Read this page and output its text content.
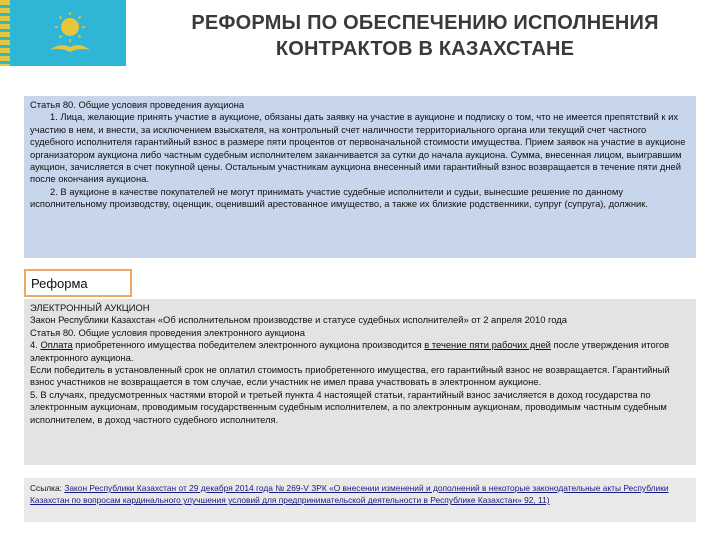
РЕФОРМЫ ПО ОБЕСПЕЧЕНИЮ ИСПОЛНЕНИЯ
КОНТРАКТОВ В КАЗАХСТАНЕ

Статья 80. Общие условия проведения аукциона

1. Лица, желающие принять участие в аукционе, обязаны дать заявку на участие в аукционе и подписку о том, что не имеется препятствий к их участию в нем, и внести, за исключением взыскателя, на контрольный счет наличности территориального органа или текущий счет частного судебного исполнителя гарантийный взнос в размере пяти процентов от первоначальной стоимости имущества. Прием заявок на участие в аукционе организатором аукциона либо частным судебным исполнителем заканчивается за сутки до начала аукциона. Сумма, внесенная лицом, выигравшим аукцион, зачисляется в счет покупной цены. Остальным участникам аукциона внесенный ими гарантийный взнос возвращается в течение пяти дней после окончания аукциона.

2. В аукционе в качестве покупателей не могут принимать участие судебные исполнители и судьи, вынесшие решение по данному исполнительному производству, оценщик, оценивший арестованное имущество, а также их близкие родственники, супруг (супруга), должник.

Реформа

ЭЛЕКТРОННЫЙ АУКЦИОН

Закон Республики Казахстан «Об исполнительном производстве и статусе судебных исполнителей» от 2 апреля 2010 года

Статья 80. Общие условия проведения электронного аукциона

4. Оплата приобретенного имущества победителем электронного аукциона производится в течение пяти рабочих дней после утверждения итогов электронного аукциона.

Если победитель в установленный срок не оплатил стоимость приобретенного имущества, его гарантийный взнос не возвращается. Гарантийный взнос участников не возвращается в том случае, если участник не имел права участвовать в электронном аукционе.

5. В случаях, предусмотренных частями второй и третьей пункта 4 настоящей статьи, гарантийный взнос зачисляется в доход государства по электронным аукционам, проводимым государственным судебным исполнителем, а по электронным аукционам, проводимым частным судебным исполнителем, в доход частного судебного исполнителя.

Ссылка: Закон Республики Казахстан от 29 декабря 2014 года № 269-V ЗРК «О внесении изменений и дополнений в некоторые законодательные акты Республики Казахстан по вопросам кардинального улучшения условий для предпринимательской деятельности в Республике Казахстан» 92, 11)
